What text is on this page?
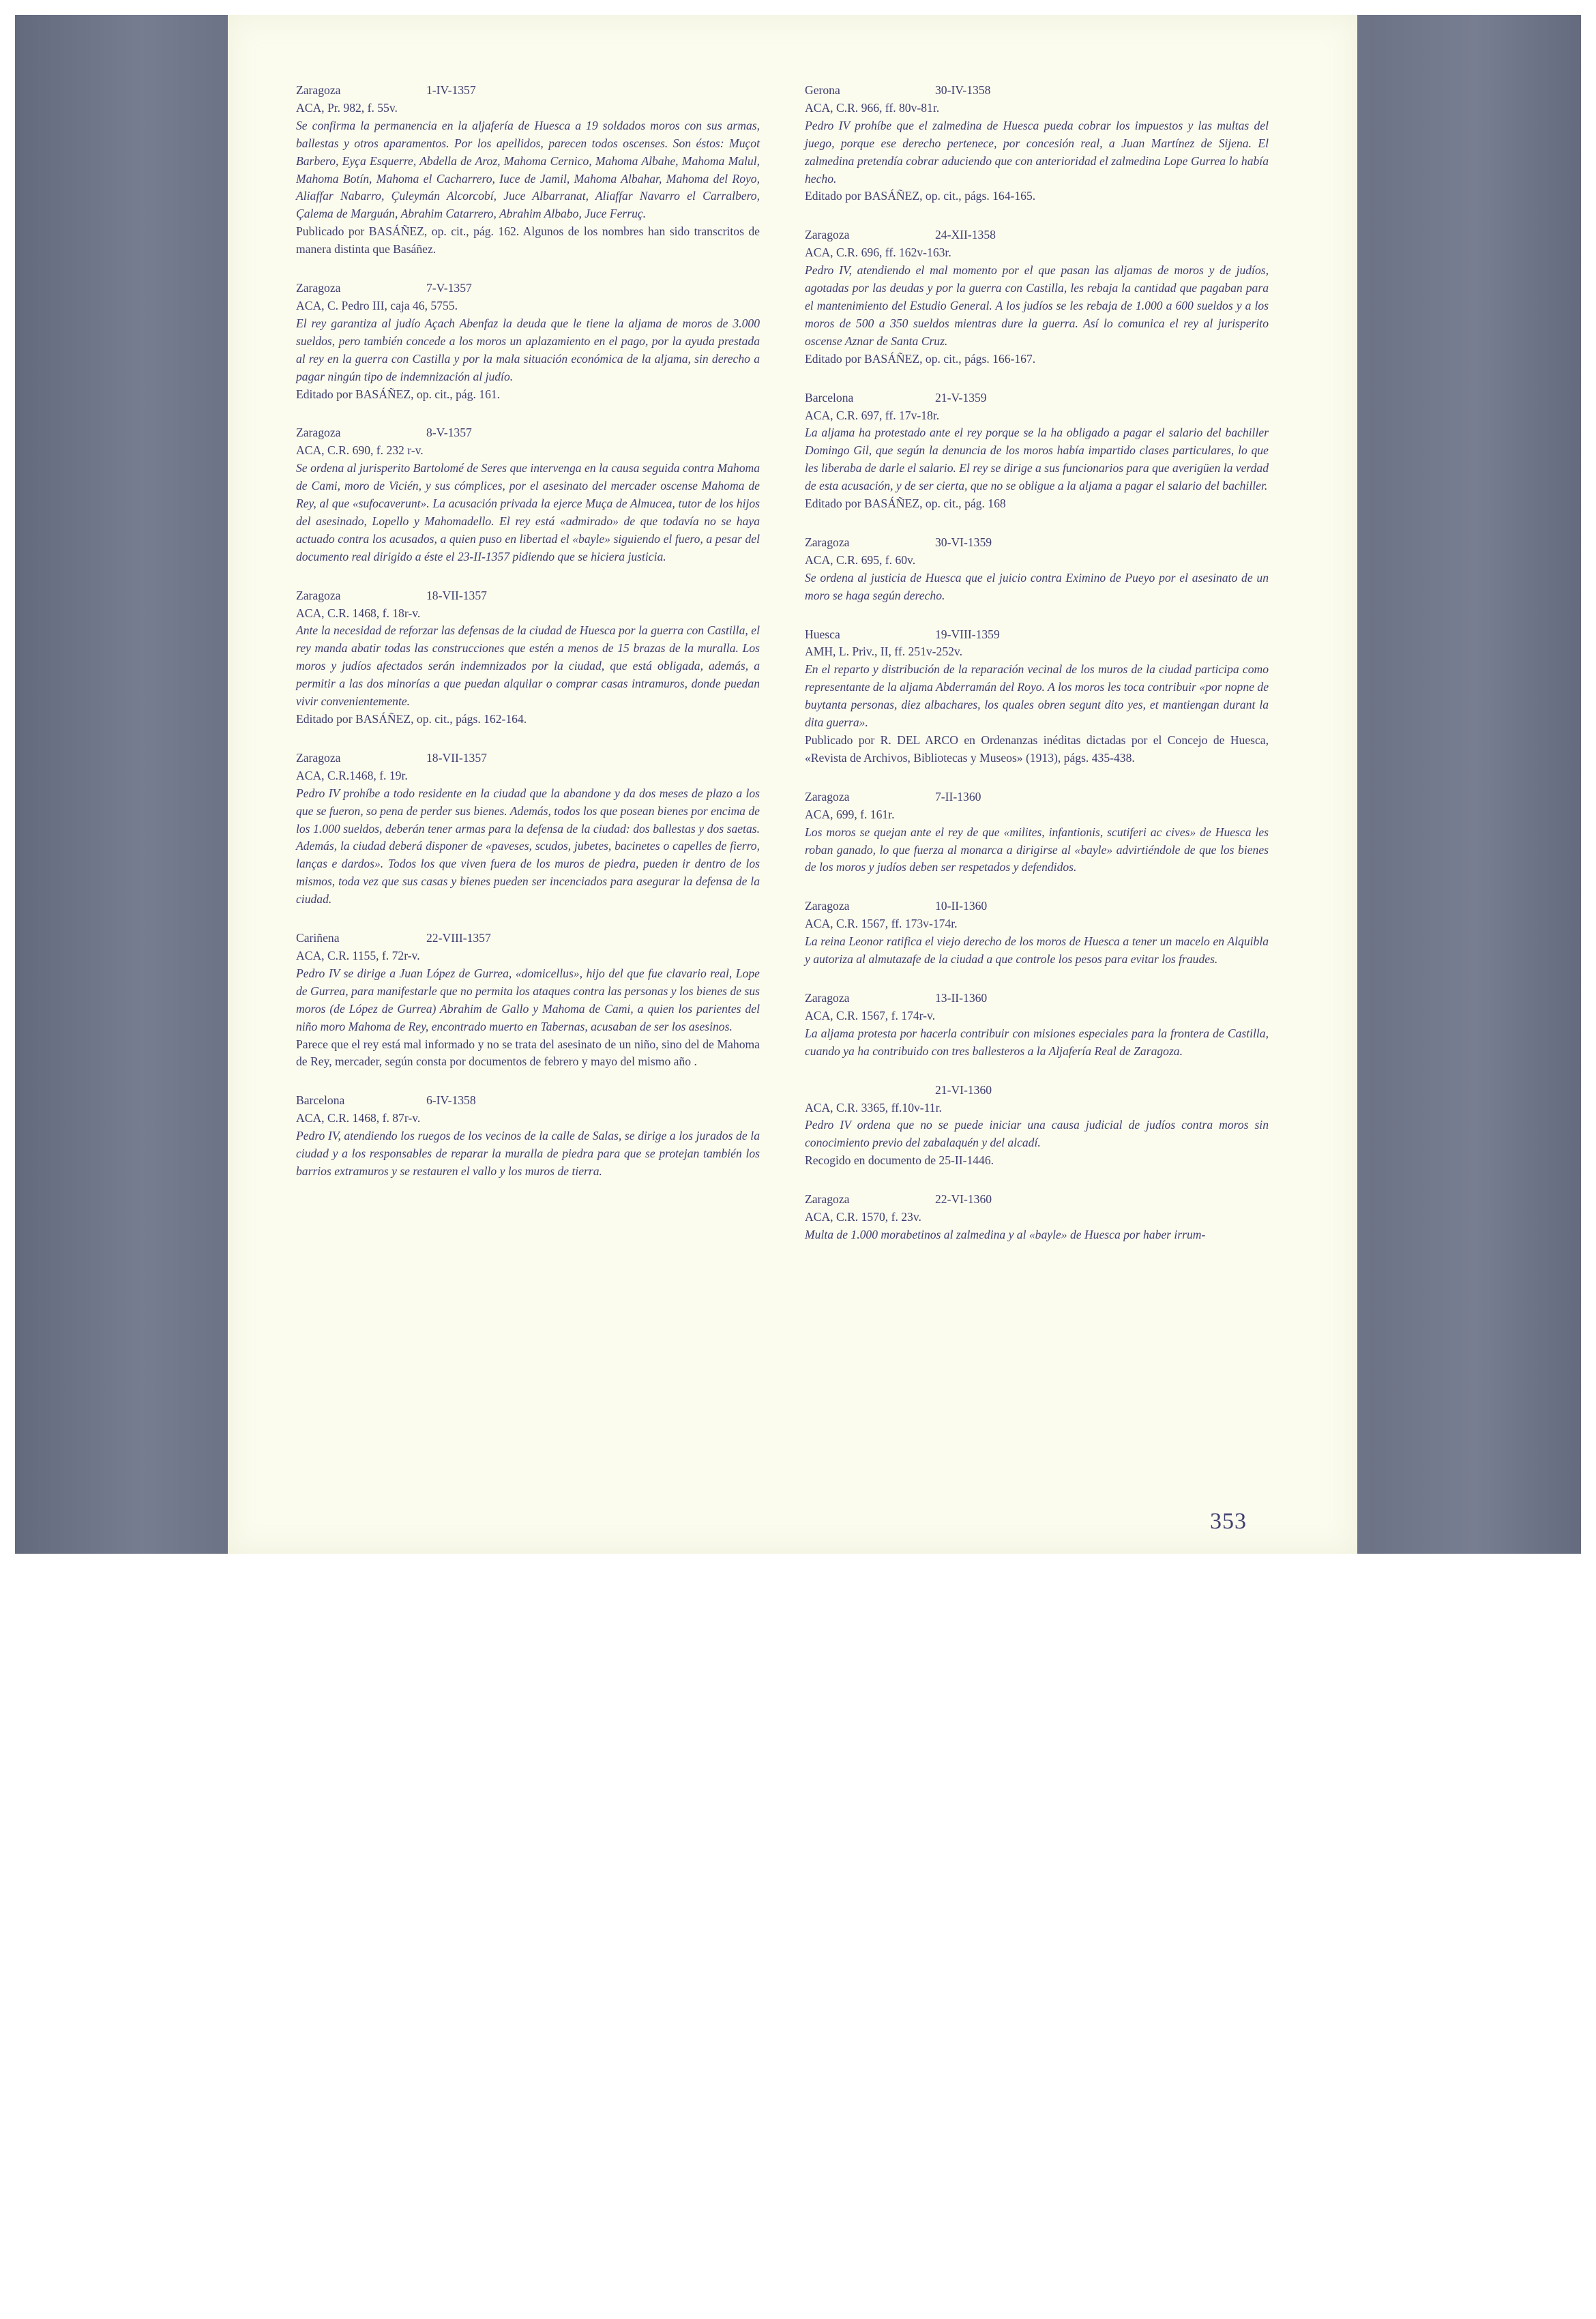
Zaragoza	1-IV-1357
ACA, Pr. 982, f. 55v.
Se confirma la permanencia en la aljafería de Huesca a 19 soldados moros con sus armas, ballestas y otros aparamentos. Por los apellidos, parecen todos oscenses. Son éstos: Muçot Barbero, Eyça Esquerre, Abdella de Aroz, Mahoma Cernico, Mahoma Albahe, Mahoma Malul, Mahoma Botín, Mahoma el Cacharrero, Iuce de Jamil, Mahoma Albahar, Mahoma del Royo, Aliaffar Nabarro, Çuleymán Alcorcobí, Juce Albarranat, Aliaffar Navarro el Carralbero, Çalema de Marguán, Abrahim Catarrero, Abrahim Albabo, Juce Ferruç.
Publicado por BASÁÑEZ, op. cit., pág. 162. Algunos de los nombres han sido transcritos de manera distinta que Basáñez.
Zaragoza	7-V-1357
ACA, C. Pedro III, caja 46, 5755.
El rey garantiza al judío Açach Abenfaz la deuda que le tiene la aljama de moros de 3.000 sueldos, pero también concede a los moros un aplazamiento en el pago, por la ayuda prestada al rey en la guerra con Castilla y por la mala situación económica de la aljama, sin derecho a pagar ningún tipo de indemnización al judío.
Editado por BASÁÑEZ, op. cit., pág. 161.
Zaragoza	8-V-1357
ACA, C.R. 690, f. 232 r-v.
Se ordena al jurisperito Bartolomé de Seres que intervenga en la causa seguida contra Mahoma de Cami, moro de Vicién, y sus cómplices, por el asesinato del mercader oscense Mahoma de Rey, al que «sufocaverunt». La acusación privada la ejerce Muça de Almucea, tutor de los hijos del asesinado, Lopello y Mahomadello. El rey está «admirado» de que todavía no se haya actuado contra los acusados, a quien puso en libertad el «bayle» siguiendo el fuero, a pesar del documento real dirigido a éste el 23-II-1357 pidiendo que se hiciera justicia.
Zaragoza	18-VII-1357
ACA, C.R. 1468, f. 18r-v.
Ante la necesidad de reforzar las defensas de la ciudad de Huesca por la guerra con Castilla, el rey manda abatir todas las construcciones que estén a menos de 15 brazas de la muralla. Los moros y judíos afectados serán indemnizados por la ciudad, que está obligada, además, a permitir a las dos minorías a que puedan alquilar o comprar casas intramuros, donde puedan vivir convenientemente.
Editado por BASÁÑEZ, op. cit., págs. 162-164.
Zaragoza	18-VII-1357
ACA, C.R.1468, f. 19r.
Pedro IV prohíbe a todo residente en la ciudad que la abandone y da dos meses de plazo a los que se fueron, so pena de perder sus bienes. Además, todos los que posean bienes por encima de los 1.000 sueldos, deberán tener armas para la defensa de la ciudad: dos ballestas y dos saetas. Además, la ciudad deberá disponer de «paveses, scudos, jubetes, bacinetes o capelles de fierro, lanças e dardos». Todos los que viven fuera de los muros de piedra, pueden ir dentro de los mismos, toda vez que sus casas y bienes pueden ser incenciados para asegurar la defensa de la ciudad.
Cariñena	22-VIII-1357
ACA, C.R. 1155, f. 72r-v.
Pedro IV se dirige a Juan López de Gurrea, «domicellus», hijo del que fue clavario real, Lope de Gurrea, para manifestarle que no permita los ataques contra las personas y los bienes de sus moros (de López de Gurrea) Abrahim de Gallo y Mahoma de Cami, a quien los parientes del niño moro Mahoma de Rey, encontrado muerto en Tabernas, acusaban de ser los asesinos.
Parece que el rey está mal informado y no se trata del asesinato de un niño, sino del de Mahoma de Rey, mercader, según consta por documentos de febrero y mayo del mismo año .
Barcelona	6-IV-1358
ACA, C.R. 1468, f. 87r-v.
Pedro IV, atendiendo los ruegos de los vecinos de la calle de Salas, se dirige a los jurados de la ciudad y a los responsables de reparar la muralla de piedra para que se protejan también los barrios extramuros y se restauren el vallo y los muros de tierra.
Gerona	30-IV-1358
ACA, C.R. 966, ff. 80v-81r.
Pedro IV prohíbe que el zalmedina de Huesca pueda cobrar los impuestos y las multas del juego, porque ese derecho pertenece, por concesión real, a Juan Martínez de Sijena. El zalmedina pretendía cobrar aduciendo que con anterioridad el zalmedina Lope Gurrea lo había hecho.
Editado por BASÁÑEZ, op. cit., págs. 164-165.
Zaragoza	24-XII-1358
ACA, C.R. 696, ff. 162v-163r.
Pedro IV, atendiendo el mal momento por el que pasan las aljamas de moros y de judíos, agotadas por las deudas y por la guerra con Castilla, les rebaja la cantidad que pagaban para el mantenimiento del Estudio General. A los judíos se les rebaja de 1.000 a 600 sueldos y a los moros de 500 a 350 sueldos mientras dure la guerra. Así lo comunica el rey al jurisperito oscense Aznar de Santa Cruz.
Editado por BASÁÑEZ, op. cit., págs. 166-167.
Barcelona	21-V-1359
ACA, C.R. 697, ff. 17v-18r.
La aljama ha protestado ante el rey porque se la ha obligado a pagar el salario del bachiller Domingo Gil, que según la denuncia de los moros había impartido clases particulares, lo que les liberaba de darle el salario. El rey se dirige a sus funcionarios para que averigüen la verdad de esta acusación, y de ser cierta, que no se obligue a la aljama a pagar el salario del bachiller.
Editado por BASÁÑEZ, op. cit., pág. 168
Zaragoza	30-VI-1359
ACA, C.R. 695, f. 60v.
Se ordena al justicia de Huesca que el juicio contra Eximino de Pueyo por el asesinato de un moro se haga según derecho.
Huesca	19-VIII-1359
AMH, L. Priv., II, ff. 251v-252v.
En el reparto y distribución de la reparación vecinal de los muros de la ciudad participa como representante de la aljama Abderramán del Royo. A los moros les toca contribuir «por nopne de buytanta personas, diez albachares, los quales obren segunt dito yes, et mantiengan durant la dita guerra».
Publicado por R. DEL ARCO en Ordenanzas inéditas dictadas por el Concejo de Huesca, «Revista de Archivos, Bibliotecas y Museos» (1913), págs. 435-438.
Zaragoza	7-II-1360
ACA, 699, f. 161r.
Los moros se quejan ante el rey de que «milites, infantionis, scutiferi ac cives» de Huesca les roban ganado, lo que fuerza al monarca a dirigirse al «bayle» advirtiéndole de que los bienes de los moros y judíos deben ser respetados y defendidos.
Zaragoza	10-II-1360
ACA, C.R. 1567, ff. 173v-174r.
La reina Leonor ratifica el viejo derecho de los moros de Huesca a tener un macelo en Alquibla y autoriza al almutazafe de la ciudad a que controle los pesos para evitar los fraudes.
Zaragoza	13-II-1360
ACA, C.R. 1567, f. 174r-v.
La aljama protesta por hacerla contribuir con misiones especiales para la frontera de Castilla, cuando ya ha contribuido con tres ballesteros a la Aljafería Real de Zaragoza.
21-VI-1360
ACA, C.R. 3365, ff.10v-11r.
Pedro IV ordena que no se puede iniciar una causa judicial de judíos contra moros sin conocimiento previo del zabalaquén y del alcadí.
Recogido en documento de 25-II-1446.
Zaragoza	22-VI-1360
ACA, C.R. 1570, f. 23v.
Multa de 1.000 morabetinos al zalmedina y al «bayle» de Huesca por haber irrum-
353
